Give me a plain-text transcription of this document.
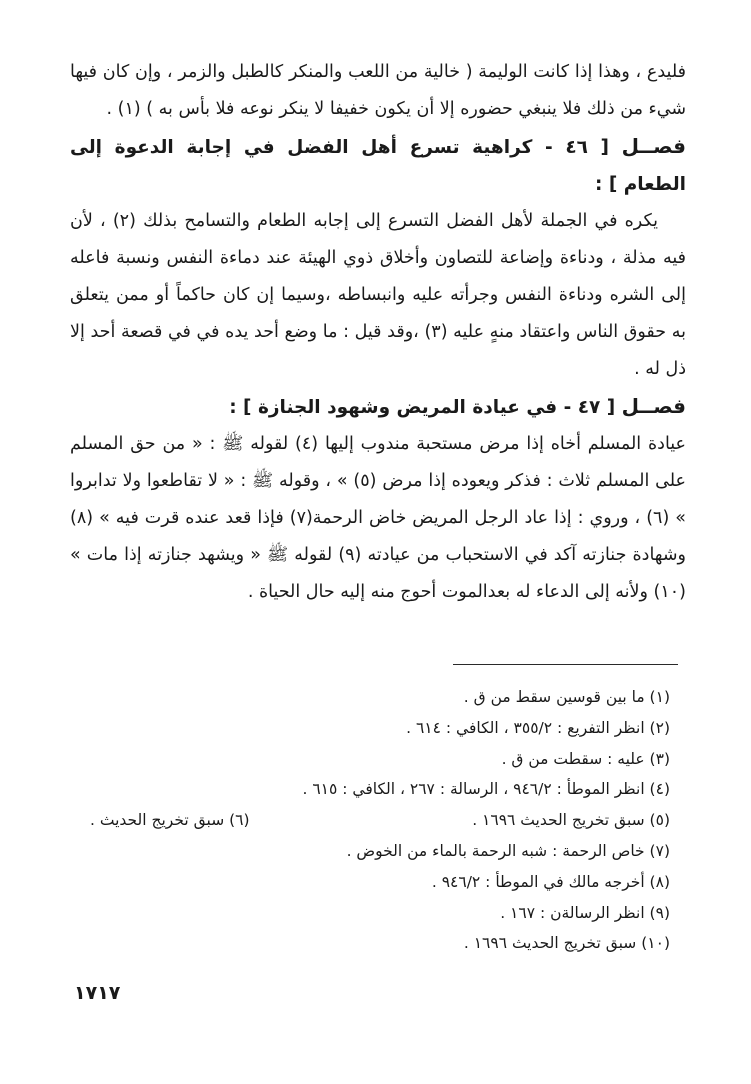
فليدع ، وهذا إذا كانت الوليمة ( خالية من اللعب والمنكر كالطبل والزمر ، وإن كان فيها شيء من ذلك فلا ينبغي حضوره إلا أن يكون خفيفا لا ينكر نوعه فلا بأس به ) (١) .

فصــل [ ٤٦ - كراهية تسرع أهل الفضل في إجابة الدعوة إلى الطعام ] :

يكره في الجملة لأهل الفضل التسرع إلى إجابه الطعام والتسامح بذلك (٢) ، لأن فيه مذلة ، ودناءة وإضاعة للتصاون وأخلاق ذوي الهيئة عند دماءة النفس ونسبة فاعله إلى الشره ودناءة النفس وجرأته عليه وانبساطه ،وسيما إن كان حاكماً أو ممن يتعلق به حقوق الناس واعتقاد منهٍ عليه (٣) ،وقد قيل : ما وضع أحد يده في في قصعة أحد إلا ذل له .

فصــل [ ٤٧ - في عيادة المريض وشهود الجنازة ] :

عيادة المسلم أخاه إذا مرض مستحبة مندوب إليها (٤) لقوله ﷺ : « من حق المسلم على المسلم ثلاث : فذكر ويعوده إذا مرض (٥) » ، وقوله ﷺ : « لا تقاطعوا ولا تدابروا » (٦) ، وروي : إذا عاد الرجل المريض خاض الرحمة(٧) فإذا قعد عنده قرت فيه » (٨) وشهادة جنازته آكد في الاستحباب من عيادته (٩) لقوله ﷺ « ويشهد جنازته إذا مات » (١٠) ولأنه إلى الدعاء له بعدالموت أحوج منه إليه حال الحياة .

(١) ما بين قوسين سقط من ق .

(٢) انظر التفريع : ٣٥٥/٢ ، الكافي : ٦١٤ .

(٣) عليه : سقطت من ق .

(٤) انظر الموطأ : ٩٤٦/٢ ، الرسالة : ٢٦٧ ، الكافي : ٦١٥ .

(٥) سبق تخريج الحديث ١٦٩٦ .
(٦) سبق تخريج الحديث .

(٧) خاص الرحمة : شبه الرحمة بالماء من الخوض .

(٨) أخرجه مالك في الموطأ : ٩٤٦/٢ .

(٩) انظر الرسالةن : ١٦٧ .

(١٠) سبق تخريج الحديث ١٦٩٦ .

١٧١٧
